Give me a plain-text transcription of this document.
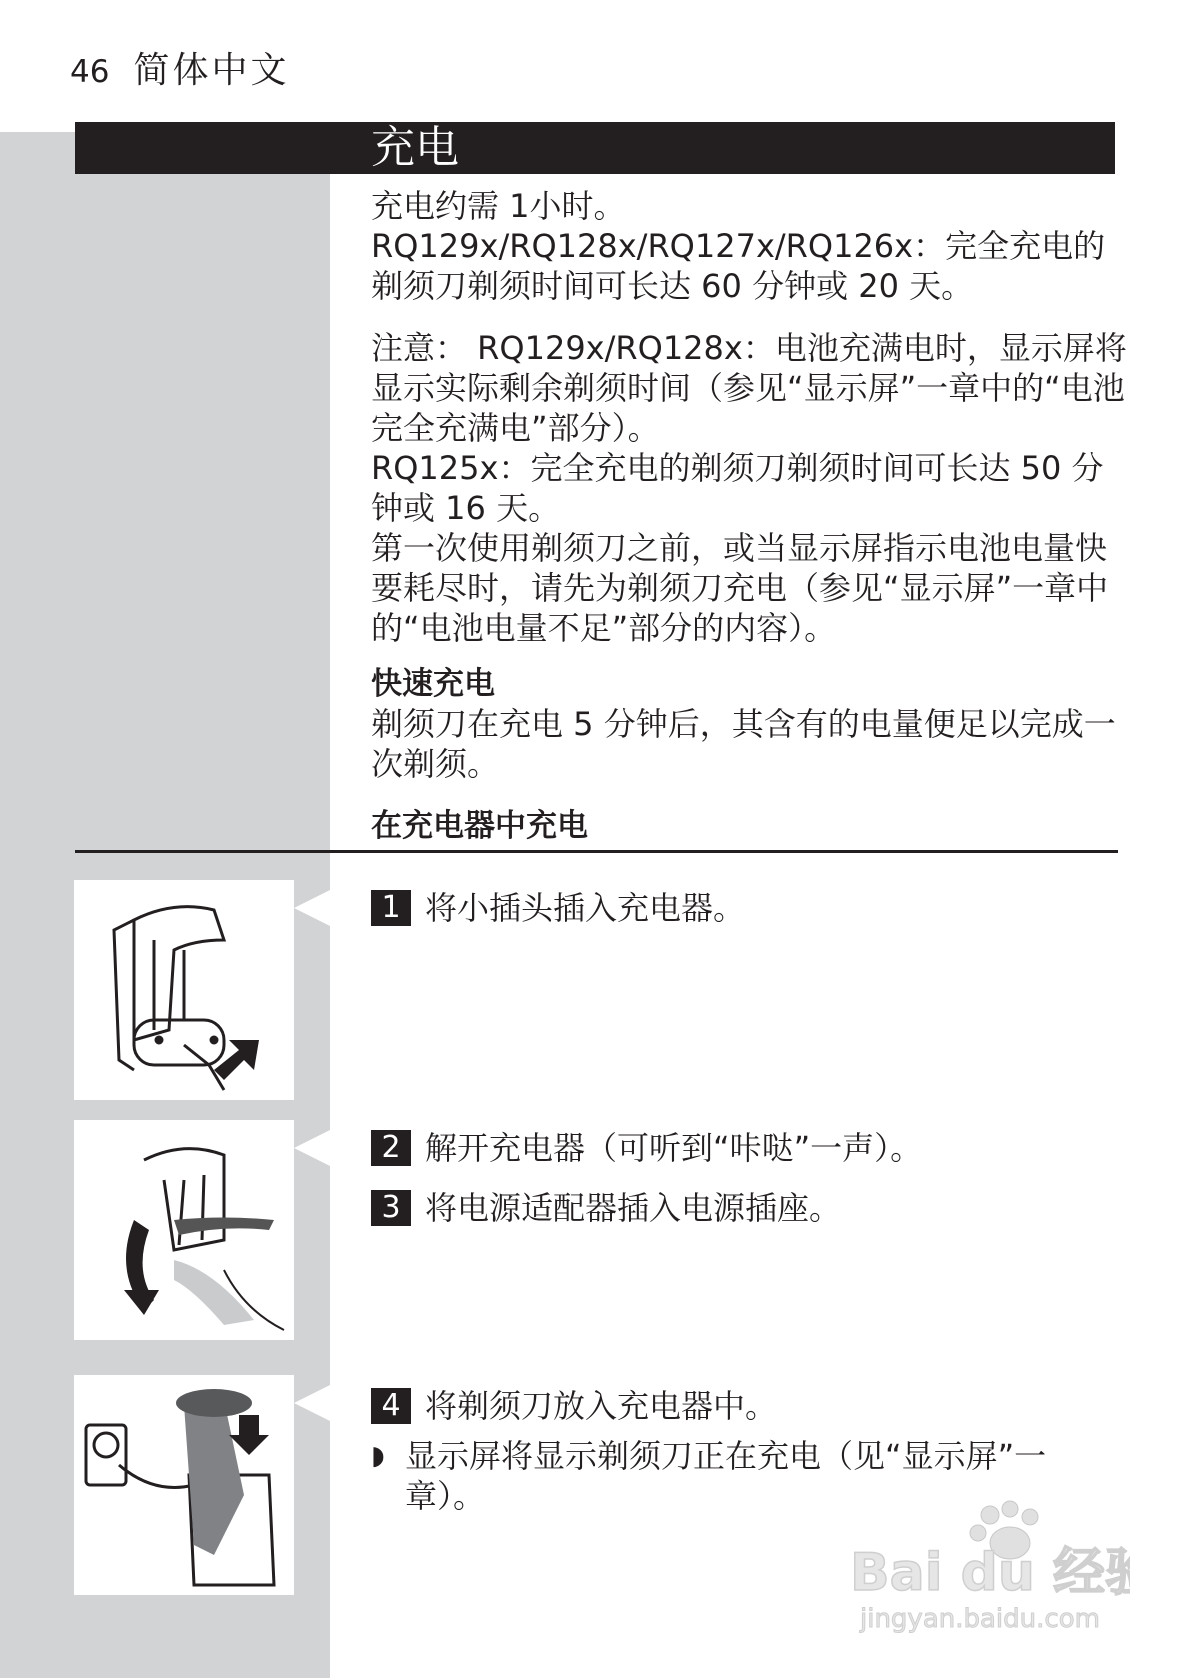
46 简体中文
充电

充电约需 1小时。

RQ129x/RQ128x/RQ127x/RQ126x：完全充电的剃须刀剃须时间可长达 60 分钟或 20 天。

注意： RQ129x/RQ128x：电池充满电时，显示屏将显示实际剩余剃须时间（参见“显示屏”一章中的“电池完全充满电”部分）。

RQ125x：完全充电的剃须刀剃须时间可长达 50 分钟或 16 天。

第一次使用剃须刀之前，或当显示屏指示电池电量快要耗尽时，请先为剃须刀充电（参见“显示屏”一章中的“电池电量不足”部分的内容）。

快速充电

剃须刀在充电 5 分钟后，其含有的电量便足以完成一次剃须。

在充电器中充电

1 将小插头插入充电器。
2 解开充电器（可听到“咔哒”一声）。
3 将电源适配器插入电源插座。
4 将剃须刀放入充电器中。
◗ 显示屏将显示剃须刀正在充电（见“显示屏”一章）。
Bai du 经验
jingyan.baidu.com
